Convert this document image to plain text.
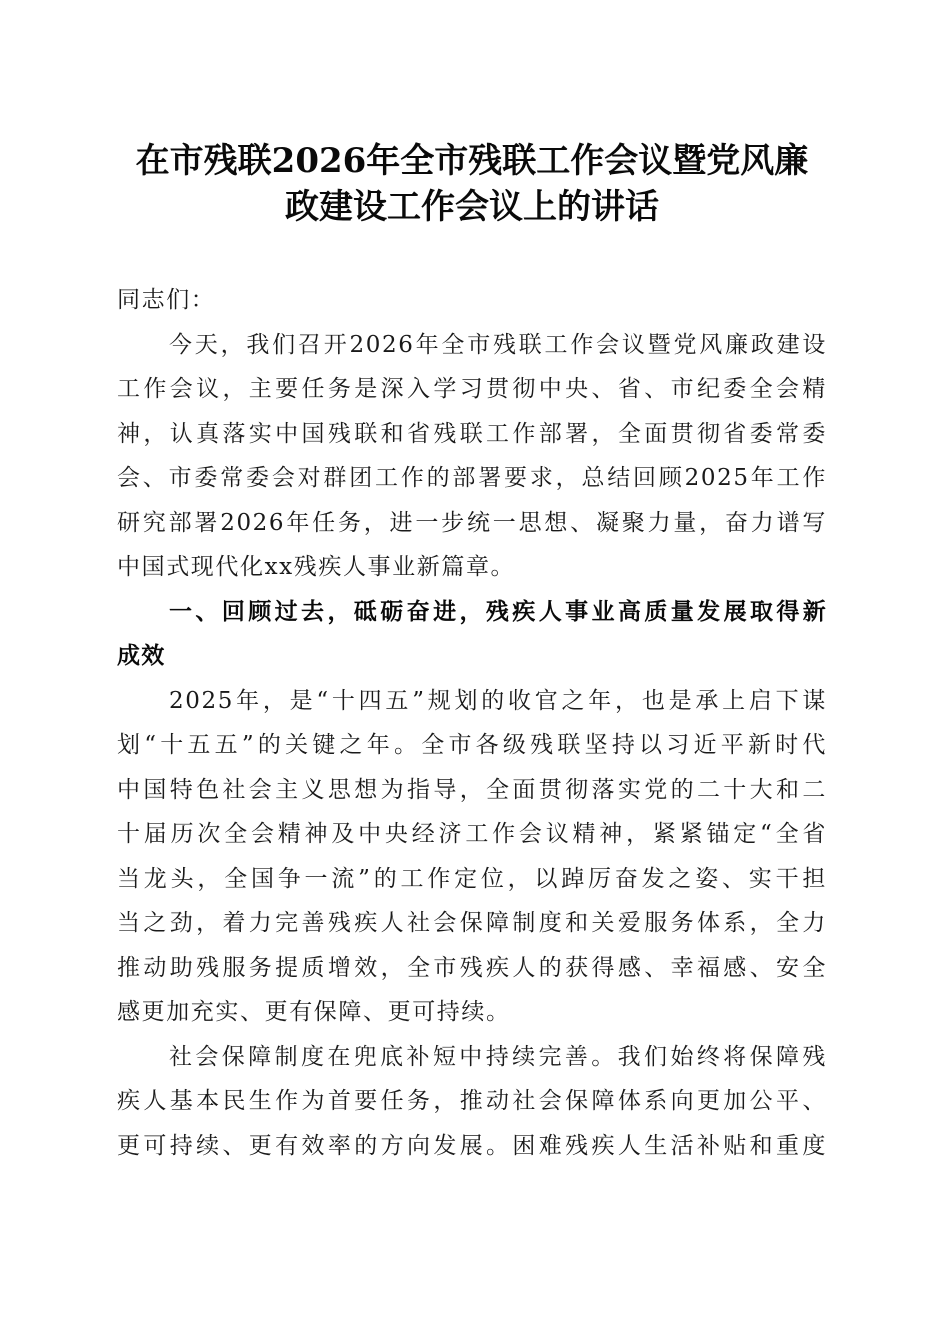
在市残联2026年全市残联工作会议暨党风廉
政建设工作会议上的讲话
同志们：
今天，我们召开2026年全市残联工作会议暨党风廉政建设
工作会议，主要任务是深入学习贯彻中央、省、市纪委全会精
神，认真落实中国残联和省残联工作部署，全面贯彻省委常委
会、市委常委会对群团工作的部署要求，总结回顾2025年工作
研究部署2026年任务，进一步统一思想、凝聚力量，奋力谱写
中国式现代化xx残疾人事业新篇章。
一、回顾过去，砥砺奋进，残疾人事业高质量发展取得新
成效
2025年，是“十四五”规划的收官之年，也是承上启下谋
划“十五五”的关键之年。全市各级残联坚持以习近平新时代
中国特色社会主义思想为指导，全面贯彻落实党的二十大和二
十届历次全会精神及中央经济工作会议精神，紧紧锚定“全省
当龙头，全国争一流”的工作定位，以踔厉奋发之姿、实干担
当之劲，着力完善残疾人社会保障制度和关爱服务体系，全力
推动助残服务提质增效，全市残疾人的获得感、幸福感、安全
感更加充实、更有保障、更可持续。
社会保障制度在兜底补短中持续完善。我们始终将保障残
疾人基本民生作为首要任务，推动社会保障体系向更加公平、
更可持续、更有效率的方向发展。困难残疾人生活补贴和重度
